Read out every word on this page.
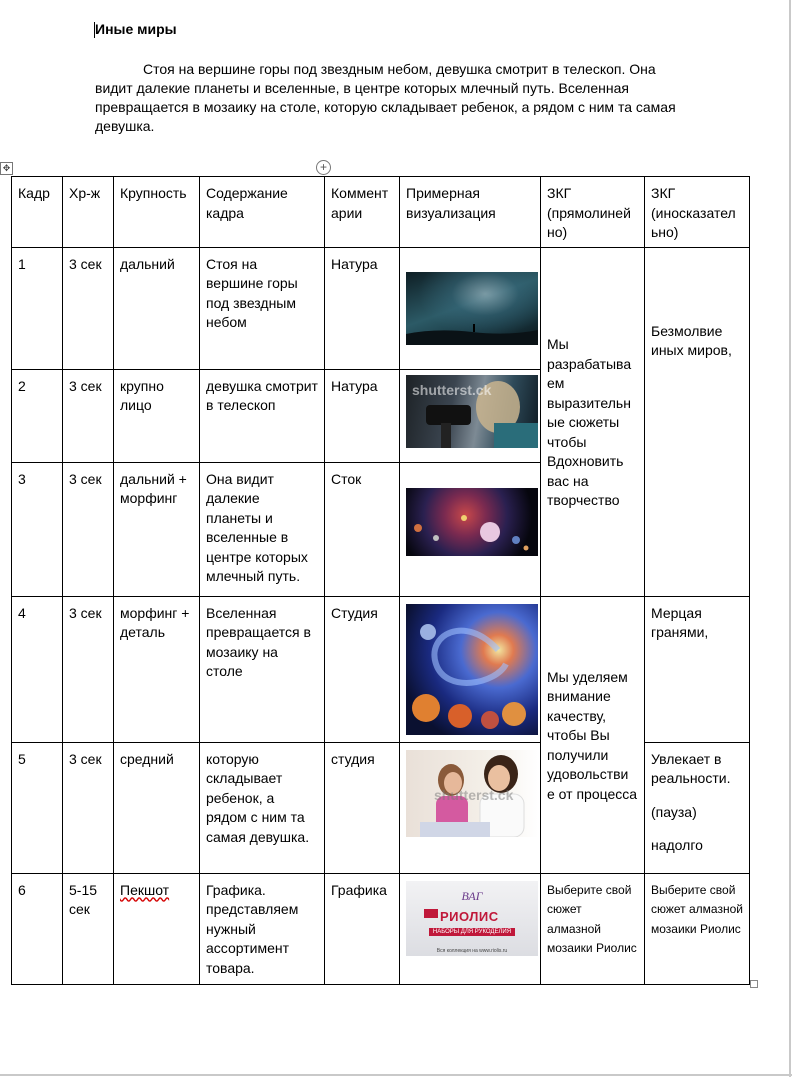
Иные миры

Стоя на вершине горы под звездным небом, девушка смотрит в телескоп. Она видит далекие планеты и вселенные, в центре которых млечный путь. Вселенная превращается в мозаику на столе, которую складывает ребенок, а рядом с ним та самая девушка.

✥	+
Кадр	Хр-ж	Крупность	Содержание кадра	Коммент арии	Примерная визуализация	ЗКГ (прямолиней но)	ЗКГ (иносказател ьно)
1	3 сек	дальний	Стоя на вершине горы под звездным небом	Натура		Мы разрабатыва ем выразительн ые сюжеты чтобы Вдохновить вас на творчество	Безмолвие иных миров,
2	3 сек	крупно лицо	девушка смотрит в телескоп	Натура	shutterst.ck		

3	3 сек	дальний + морфинг	Она видит далекие планеты и вселенные в центре которых млечный путь.	Сток	

4	3 сек	морфинг + деталь	Вселенная превращается в мозаику на столе	Студия		Мы уделяем внимание качеству, чтобы Вы получили удовольстви е от процесса	Мерцая гранями,
5	3 сек	средний	которую складывает ребенок, а рядом с ним та самая девушка.	студия	shutterst.ck		Увлекает в реальности.
(пауза)
надолго

6	5-15 сек	Пекшот	Графика. представляем нужный ассортимент товара.	Графика	ВАГ
РИОЛИС
НАБОРЫ ДЛЯ РУКОДЕЛИЯ
Вся коллекция на www.riolis.ru	Выберите свой сюжет алмазной мозаики Риолис	Выберите свой сюжет алмазной мозаики Риолис
